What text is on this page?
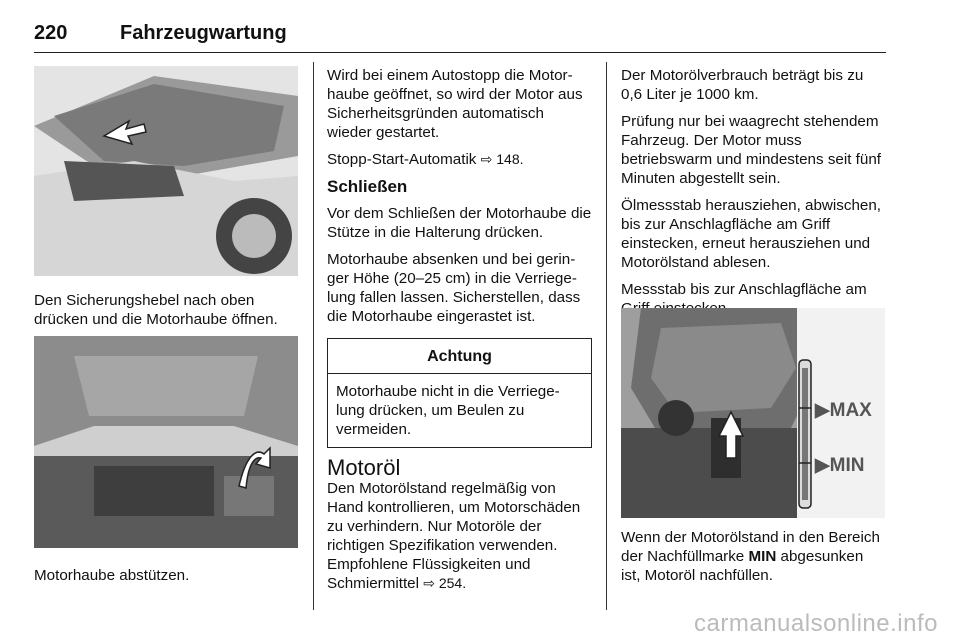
220	Fahrzeugwartung
Den Sicherungshebel nach oben drücken und die Motorhaube öffnen.
Motorhaube abstützen.

Wird bei einem Autostopp die Motorhaube geöffnet, so wird der Motor aus Sicherheitsgründen automatisch wieder gestartet.

Stopp-Start-Automatik ⇨ 148.

Schließen

Vor dem Schließen der Motorhaube die Stütze in die Halterung drücken.

Motorhaube absenken und bei geringer Höhe (20–25 cm) in die Verriegelung fallen lassen. Sicherstellen, dass die Motorhaube eingerastet ist.

Achtung
Motorhaube nicht in die Verriegelung drücken, um Beulen zu vermeiden.
Motoröl

Den Motorölstand regelmäßig von Hand kontrollieren, um Motorschäden zu verhindern. Nur Motoröle der richtigen Spezifikation verwenden. Empfohlene Flüssigkeiten und Schmiermittel ⇨ 254.

Der Motorölverbrauch beträgt bis zu 0,6 Liter je 1000 km.

Prüfung nur bei waagrecht stehendem Fahrzeug. Der Motor muss betriebswarm und mindestens seit fünf Minuten abgestellt sein.

Ölmessstab herausziehen, abwischen, bis zur Anschlagfläche am Griff einstecken, erneut herausziehen und Motorölstand ablesen.

Messstab bis zur Anschlagfläche am

▶MAX
▶MIN
Wenn der Motorölstand in den Bereich der Nachfüllmarke MIN abgesunken ist, Motoröl nachfüllen.
carmanualsonline.info
